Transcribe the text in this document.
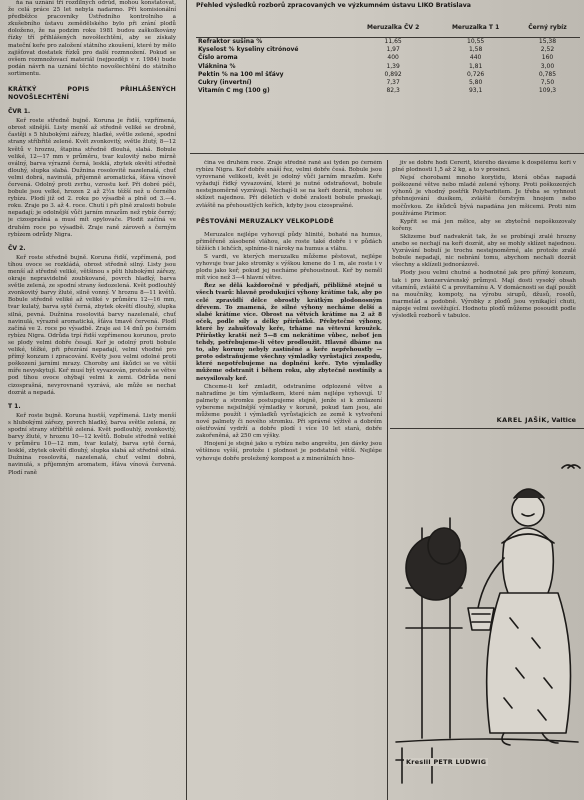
ňa na uznání tří rozdílných odrůd, mohou konstatovat, že celá práce 25 let nebyla nadarmo. Při komisionální předběžce pracovníky Ústředního kontrolního a zkušebního ústavu zemědělského bylo při zrání plodů doloženo, že na podzim roku 1981 budou zaškolkovány řízky tří přihlášených novošlechtění, aby se získaly mateční keře pro založení státního zkoušení, které by mělo zajišťovat dostatek řízků pro další rozmnožení. Pokud se ovšem rozmnožovací materiál (nejpozději v r. 1984) bude podán návrh na uznání těchto novošlechtění do státního sortimentu.

KRÁTKÝ POPIS PŘIHLÁŠENÝCH NOVOŠLECHTĚNÍ
ČVR 1.

Keř roste středně bujně. Koruna je řidší, vzpřímená, obrost silnější. Listy menší až středně veliké se drobně, častěji s 5 hlubokými zářezy, hladké, světle zelené, spodní strany stříbřitě zelené. Květ zvonkovitý, světle žlutý, 8—12 květů v hroznu, štapina středně dlouhá, slabá. Bobule veliké, 12—17 mm v průměru, tvar kulovitý nebo mírně oválný, barva výrazně černá, lesklá, zbytek okvětí středně dlouhý, slupka slabá. Dužnina rosolovitě nazelenalá, chuť velmi dobrá, navinulá, příjemně aromatická, šťáva vínově červená. Odolný proti zvrhu, vzrostu keř. Při dobré péči, bobule jsou velké, hrozen 2 až 2½x těžší než u černého rybízu. Plodí již od 2. roku po výsadbě a plně od 3.—4. roku. Zraje po 3. až 4. roce. Chutí i při plně zralosti bobule nepadají; je odolnější vůči jarním mrazům než rybíz černý; je cizosprašná a musí mít opylovače. Plodit začíná ve druhém roce po výsadbě. Zraje raně zároveň s černým rybízem odrůdy Nigra.

ČV 2.

Keř roste středně bujně. Koruna řidší, vzpřímená, pod tíhou ovoce se rozkládá, obrost středně silný. Listy jsou menší až středně veliké, většinou s pěti hlubokými zářezy, okraje nepravidelně zoubkované, povrch hladký, barva světle zelená, ze spodní strany šedozelená. Květ podlouhlý zvonkovitý barvy žluté, silně vonný. V hroznu 8—11 květů. Bobule středně veliké až veliké v průměru 12—16 mm, tvar kulatý, barva sytě černá, zbytek okvětí dlouhý, slupka silná, pevná. Dužnina rosolovitá barvy nazelenalé, chuť navinulá, výrazně aromatická, šťáva tmavě červená. Plodí začíná ve 2. roce po výsadbě. Zraje asi 14 dnů po černém rybízu Nigra. Odrůda trpí řidší vzpřímenou korunou, proto se plody velmi dobře česají. Keř je odolný proti bobule veliké, těžké, při přezrání nepadají, velmi vhodné pro přímý konzum i zpracování. Květy jsou velmi odolné proti poškození jarními mrazy. Choroby ani škůdci se ve větší míře nevyskytují. Keř musí být vyvazován, protože se větve pod tíhou ovoce ohýbají velmi k zemi. Odrůda není cizosprašná, nevyrovnaně vyzrává, ale může se nechat dozrát a nepadá.

T 1.

Keř roste bujně. Koruna hustší, vzpřímená. Listy menší s hlubokými zářezy, povrch hladký, barva světle zelená, ze spodní strany stříbřitě zelená. Květ podlouhlý, zvonkovitý, barvy žluté, v hroznu 10—12 květů. Bobule středně veliké v průměru 10—12 mm, tvar kulatý, barva sytě černá, lesklé, zbytek okvětí dlouhý, slupka slabá až středně silná. Dužnina rosolovitá, nazelenalá, chuť velmi dobrá, navinulá, s příjemným aromatem, šťáva vínová červená. Plodí raně

Přehled výsledků rozborů zpracovaných ve výzkumném ústavu LIKO Bratislava
	Meruzalka ČV 2	Meruzalka T 1	Černý rybíz

Refraktor sušina %	11,65	10,55	15,38
Kyselost % kyseliny citrónové	1,97	1,58	2,52
Číslo aroma	400	440	160
Vláknina %	1,39	1,81	3,00
Pektin % na 100 ml šťávy	0,892	0,726	0,785
Cukry (invertní)	7,37	5,80	7,50
Vitamín C mg (100 g)	82,3	93,1	109,3

čina ve druhém roce. Zraje středně raně asi týden po černém rybízu Nigra. Keř dobře snáší řez, velmi dobře česá. Bobule jsou vyrovnané velikosti, květ je odolný vůči jarním mrazům. Keře vyžadují řídký vyvazování, které je nutné odstraňovat, bobule nestejnoměrně vyzrávají. Nechají-li se na keři dozrát, mohou se sklízet najednou. Při déletích v době zralosti bobule praskají, zvláště na přehoustlých keřích, kdyby jsou cizosprašné.

PĚSTOVÁNÍ MERUZALKY VELKOPLODÉ

Meruzalce nejlépe vyhovují půdy hlinité, bohaté na humus, přiměřeně zásobené vláhou, ale roste také dobře i v půdách těžších i lehčích, splníme-li nároky na humus a vláhu.

S vardi, ve kterých meruzalku můžeme pěstovat, nejlépe vyhovuje tvar jako stromky s výškou kmene do 1 m, ale roste i v plodu jako keř, pokud jej necháme přehoustnout. Keř by neměl mít více než 3—4 hlavní větve.

Řez se dělá každoročně v předjaří, přibližně stejně u všech tvarů: hlavně produkující výhony krátíme tak, aby po celé zpravidlí délce obrostly krátkým plodonosným dřevem. To znamená, že silné výhony necháme delší a slabé krátíme více. Obrost na větvích krátíme na 2 až 8 oček, podle síly a délky přírůstků. Přebytečné výhony, které by zahušťovaly keře, trháme na větevní kroužek. Přírůstky kratší než 5—8 cm nekrátíme vůbec, neboť jen tehdy, potřebujeme-li větev prodloužit. Hlavně dbáme na to, aby koruny nebyly zastíněné a keře nepřehoustly — proto odstraňujeme všechny výmladky vyrůstající zespodu, které nepotřebujeme na doplnění keře. Tyto výmladky můžeme odstranit i během roku, aby zbytečně nestínily a nevysilovaly keř.

Chceme-li keř zmladit, odstraníme odplozené větve a nahradíme je tím výmladkem, které nám nejlépe vyhovují. U palmety a stromku postupujeme stejně, jenže si k zmlazení vybereme nejsilnější výmladky v koruně, pokud tam jsou, ale můžeme použít i výmladků vyrůstajících ze země k vytvoření nové palmety či nového stromku. Při správné výživě a dobrém ošetřování vydrží a dobře plodí i více 10 let stará, dobře zakořeněná, až 250 cm výšky.

Hnojení je stejné jako u rybízu nebo angreštu, jen dávky jsou většinou vyšší, protože i plodnost je podstatně větší. Nejlépe vyhovuje dobře proležený kompost a z minerálních hno-

jiv se dobře hodí Cererit, kterého dáváme k dospělému keři v plné plodnosti 1,5 až 2 kg, a to v prosinci.

Nejsí chorobami mnoho korytidu, která občas napadá poškozené větve nebo mladé zelené výhony. Proti poškozených výhonů je vhodný postřik Polybarbitem. Je třeba se vyhnout přehnojování dusíkem, zvláště čerstvým hnojem nebo močůvkou. Ze škůdců bývá napadána jen mšicemi. Proti nim používáme Pirimor.

Kypřit se má jen mělce, aby se zbytečně nepoškozovaly kořeny.

Sklizeme buď nadvakrát tak, že se probírají zralé hrozny anebo se nechají na keři dozrát, aby se mohly sklízet najednou. Vyzrávání bobulí je trochu nestejnoměrné, ale protože zralé bobule nepadají, nic nebrání tomu, abychom nechali dozrát všechny a sklízeli jednorázově.

Plody jsou velmi chutné a hodnotné jak pro přímý konzum, tak i pro konzervárenský průmysl. Mají dosti vysoký obsah vitamínů, zvláště C a provitamínu A. V domácnosti se dají použít na moučníky, kompoty, na výrobu sirupů, džusů, rosolů, marmelád a podobně. Výrobky z plodů jsou vynikající chuti, nápoje velmi osvěžující. Hodnotu plodů můžeme posoudit podle výsledků rozborů v tabulce.

KAREL JAŠÍK, Valtice
Kreslil PETR LUDWIG
